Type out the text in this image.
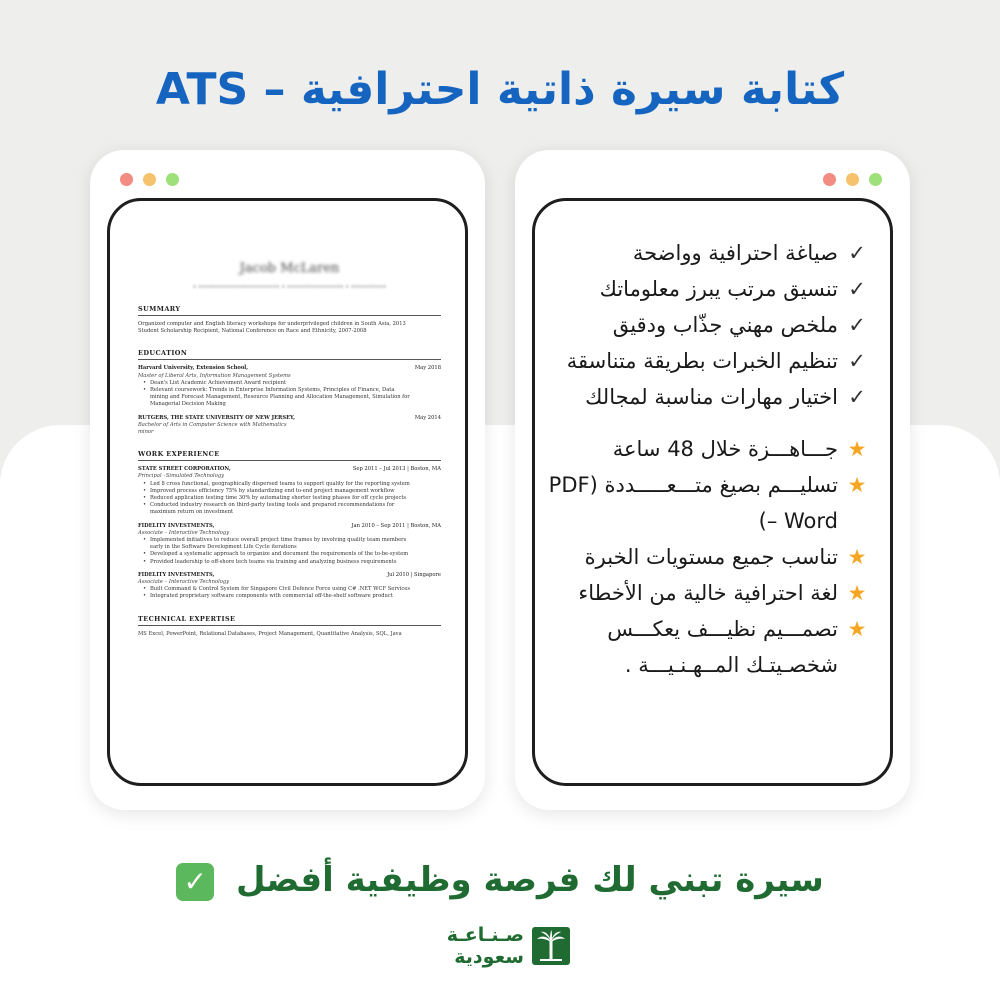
كتابة سيرة ذاتية احترافية – ATS
Jacob McLaren
• ••••••••••••••••••••••• • •••••••••••••••• • ••••••••••
SUMMARY
Organized computer and English literacy workshops for underprivileged children in South Asia, 2013
Student Scholarship Recipient, National Conference on Race and Ethnicity, 2007-2008
EDUCATION
Harvard University, Extension School,	May 2018
Master of Liberal Arts, Information Management Systems
• Dean's List Academic Achievement Award recipient
• Relevant coursework: Trends in Enterprise Information Systems, Principles of Finance, Data
mining and Forecast Management, Resource Planning and Allocation Management, Simulation for
Managerial Decision Making
RUTGERS, THE STATE UNIVERSITY OF NEW JERSEY,	May 2014
Bachelor of Arts in Computer Science with Mathematics
minor
WORK EXPERIENCE
STATE STREET CORPORATION,	Sep 2011 – Jul 2013 | Boston, MA
Principal –Simulated Technology
• Led 8 cross functional, geographically dispersed teams to support quality for the reporting system
• Improved process efficiency 75% by standardizing end to-end project management workflow
• Reduced application testing time 30% by automating shorter testing phases for off cycle projects
• Conducted industry research on third-party testing tools and prepared recommendations for
maximum return on investment
FIDELITY INVESTMENTS,	Jan 2010 – Sep 2011 | Boston, MA
Associate – Interactive Technology
• Implemented initiatives to reduce overall project time frames by involving quality team members
early in the Software Development Life Cycle iterations
• Developed a systematic approach to organize and document the requirements of the to-be-system
• Provided leadership to off-shore tech teams via training and analyzing business requirements
FIDELITY INVESTMENTS,	Jul 2010 | Singapore
Associate – Interactive Technology
• Built Command & Control System for Singapore Civil Defence Force using C# .NET WCF Services
• Integrated proprietary software components with commercial off-the-shelf software product
TECHNICAL EXPERTISE
MS Excel, PowerPoint, Relational Databases, Project Management, Quantitative Analysis, SQL, Java
✓
صياغة احترافية وواضحة
✓
تنسيق مرتب يبرز معلوماتك
✓
ملخص مهني جذّاب ودقيق
✓
تنظيم الخبرات بطريقة متناسقة
✓
اختيار مهارات مناسبة لمجالك
★
جـــاهـــزة خلال 48 ساعة
★
تسليـــم بصيغ متـــعـــــددة (PDF – Word)
★
تناسب جميع مستويات الخبرة
★
لغة احترافية خالية من الأخطاء
★
تصمـــيم نظيـــف يعكـــس شخصـيتـك المــهـنـيـــة .
سيرة تبني لك فرصة وظيفية أفضل ✓
صـنـاعـة
سعودية
